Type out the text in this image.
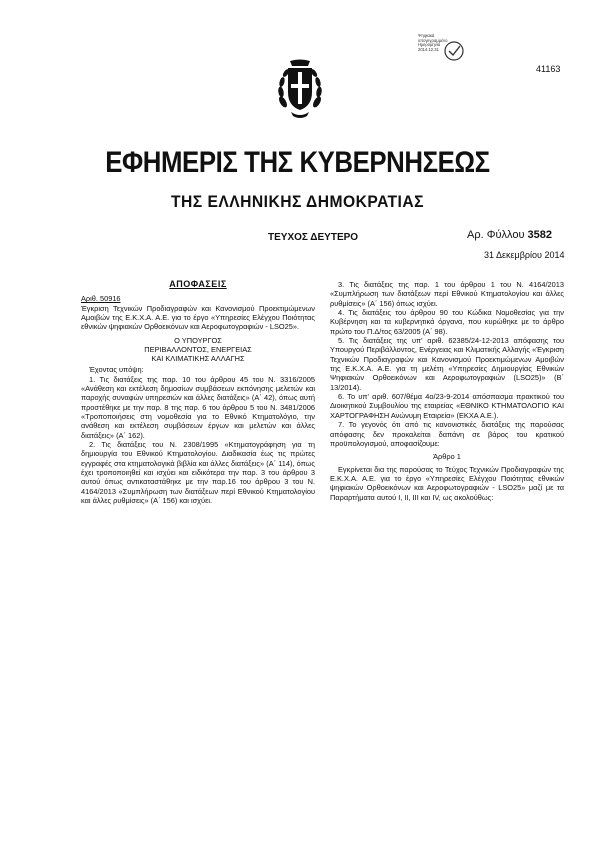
Ψηφιακά υπογεγραμμένο
Ημερομηνία
2014.12.31
41163
ΕΦΗΜΕΡΙΣ ΤΗΣ ΚΥΒΕΡΝΗΣΕΩΣ
ΤΗΣ ΕΛΛΗΝΙΚΗΣ ΔΗΜΟΚΡΑΤΙΑΣ
ΤΕΥΧΟΣ ΔΕΥΤΕΡΟ	Αρ. Φύλλου 3582
31 Δεκεμβρίου 2014

ΑΠΟΦΑΣΕΙΣ

Αριθ. 50916

Έγκριση Τεχνικών Προδιαγραφών και Κανονισμού Προεκτιμώμενων Αμοιβών της Ε.Κ.Χ.Α. Α.Ε. για το έργο «Υπηρεσίες Ελέγχου Ποιότητας εθνικών ψηφιακών Ορθοεικόνων και Αεροφωτογραφιών - LSO25».

Ο ΥΠΟΥΡΓΟΣ
ΠΕΡΙΒΑΛΛΟΝΤΟΣ, ΕΝΕΡΓΕΙΑΣ
ΚΑΙ ΚΛΙΜΑΤΙΚΗΣ ΑΛΛΑΓΗΣ

Έχοντας υπόψη:

1. Τις διατάξεις της παρ. 10 του άρθρου 45 του Ν. 3316/2005 «Ανάθεση και εκτέλεση δημοσίων συμβάσεων εκπόνησης μελετών και παροχής συναφών υπηρεσιών και άλλες διατάξεις» (Α΄ 42), όπως αυτή προστέθηκε με την παρ. 8 της παρ. 6 του άρθρου 5 του Ν. 3481/2006 «Τροποποιήσεις στη νομοθεσία για το Εθνικό Κτηματολόγιο, την ανάθεση και εκτέλεση συμβάσεων έργων και μελετών και άλλες διατάξεις» (Α΄ 162).

2. Τις διατάξεις του Ν. 2308/1995 «Κτηματογράφηση για τη δημιουργία του Εθνικού Κτηματολογίου. Διαδικασία έως τις πρώτες εγγραφές στα κτηματολογικά βιβλία και άλλες διατάξεις» (Α΄ 114), όπως έχει τροποποιηθεί και ισχύει και ειδικότερα την παρ. 3 του άρθρου 3 αυτού όπως αντικαταστάθηκε με την παρ.16 του άρθρου 3 του Ν. 4164/2013 «Συμπλήρωση των διατάξεων περί Εθνικού Κτηματολογίου και άλλες ρυθμίσεις» (Α΄ 156) και ισχύει.

3. Τις διατάξεις της παρ. 1 του άρθρου 1 του Ν. 4164/2013 «Συμπλήρωση των διατάξεων περί Εθνικού Κτηματολογίου και άλλες ρυθμίσεις» (Α΄ 156) όπως ισχύει.

4. Τις διατάξεις του άρθρου 90 του Κώδικα Νομοθεσίας για την Κυβέρνηση και τα κυβερνητικά όργανα, που κυρώθηκε με το άρθρο πρώτο του Π.Δ/τος 63/2005 (Α΄ 98).

5. Τις διατάξεις της υπ' αριθ. 62385/24-12-2013 απόφασης του Υπουργού Περιβάλλοντος, Ενέργειας και Κλιματικής Αλλαγής «Έγκριση Τεχνικών Προδιαγραφών και Κανονισμού Προεκτιμώμενων Αμοιβών της Ε.Κ.Χ.Α. Α.Ε. για τη μελέτη «Υπηρεσίες Δημιουργίας Εθνικών Ψηφιακών Ορθοεικόνων και Αεροφωτογραφιών (LSO25)» (Β΄ 13/2014).

6. Το υπ' αριθ. 607/θέμα 4ο/23-9-2014 απόσπασμα πρακτικού του Διοικητικού Συμβουλίου της εταιρείας «ΕΘΝΙΚΟ ΚΤΗΜΑΤΟΛΟΓΙΟ ΚΑΙ ΧΑΡΤΟΓΡΑΦΗΣΗ Ανώνυμη Εταιρεία» (ΕΚΧΑ Α.Ε.).

7. Το γεγονός ότι από τις κανονιστικές διατάξεις της παρούσας απόφασης δεν προκαλείται δαπάνη σε βάρος του κρατικού προϋπολογισμού, αποφασίζουμε:

Άρθρο 1

Εγκρίνεται δια της παρούσας το Τεύχος Τεχνικών Προδιαγραφών της Ε.Κ.Χ.Α. Α.Ε. για το έργο «Υπηρεσίες Ελέγχου Ποιότητας εθνικών ψηφιακών Ορθοεικόνων και Αεροφωτογραφιών - LSO25» μαζί με τα Παραρτήματα αυτού Ι, ΙΙ, ΙΙΙ και ΙV, ως ακολούθως:
